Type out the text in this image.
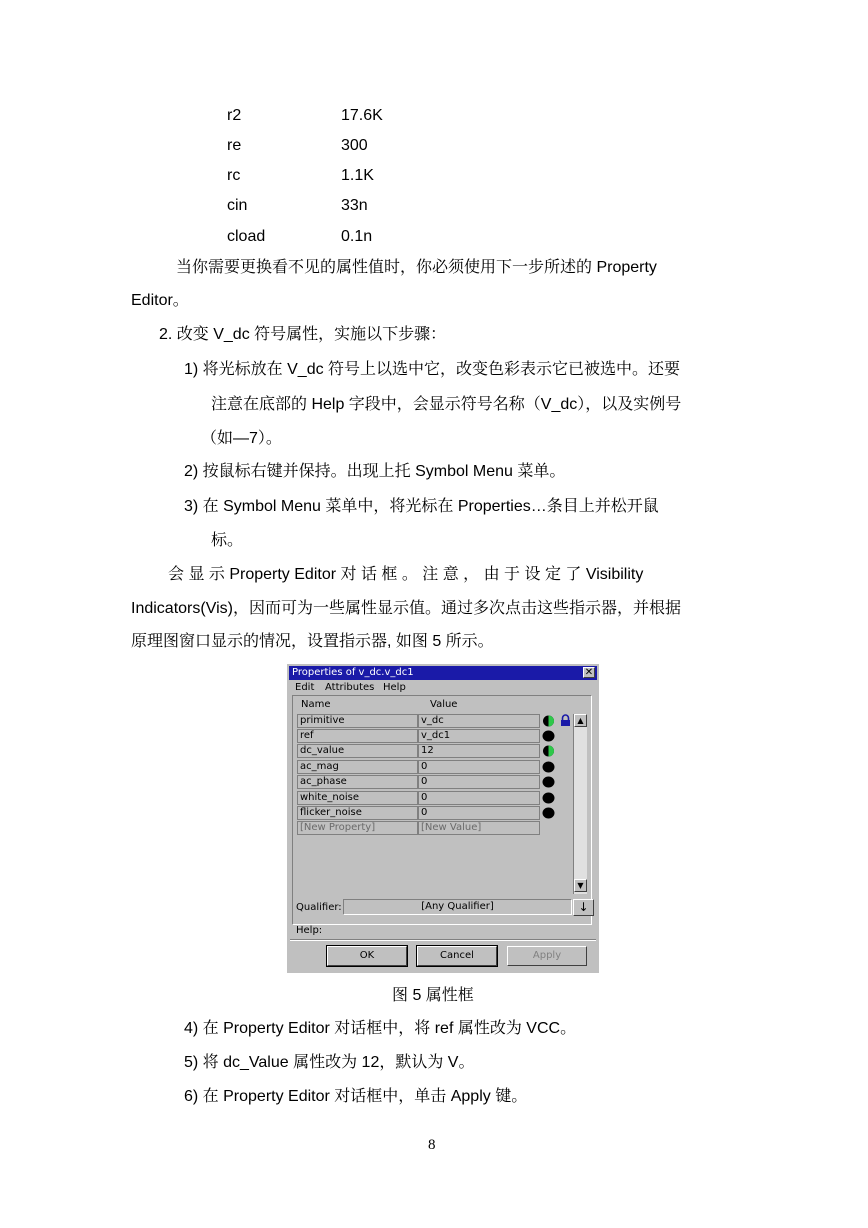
r2	17.6K
re	300
rc	1.1K
cin	33n
cload	0.1n
当你需要更换看不见的属性值时，你必须使用下一步所述的 Property
Editor。
2. 改变 V_dc 符号属性，实施以下步骤：
1) 将光标放在 V_dc 符号上以选中它，改变色彩表示它已被选中。还要
注意在底部的 Help 字段中，会显示符号名称（V_dc），以及实例号
（如—7）。
2) 按鼠标右键并保持。出现上托 Symbol Menu 菜单。
3) 在 Symbol Menu 菜单中，将光标在 Properties…条目上并松开鼠
标。
会 显 示 Property Editor 对 话 框 。 注 意 ， 由 于 设 定 了 Visibility
Indicators(Vis)，因而可为一些属性显示值。通过多次点击这些指示器，并根据
原理图窗口显示的情况，设置指示器, 如图 5 所示。
Properties of v_dc.v_dc1	✕
Edit Attributes Help
Name	Value
primitive	v_dc
ref	v_dc1
dc_value	12
ac_mag	0
ac_phase	0
white_noise	0
flicker_noise	0
[New Property]	[New Value]
▲
▼
Qualifier:	[Any Qualifier]	↓
Help:
OK	Cancel	Apply
图 5 属性框
4) 在 Property Editor 对话框中，将 ref 属性改为 VCC。
5) 将 dc_Value 属性改为 12，默认为 V。
6) 在 Property Editor 对话框中，单击 Apply 键。
8
